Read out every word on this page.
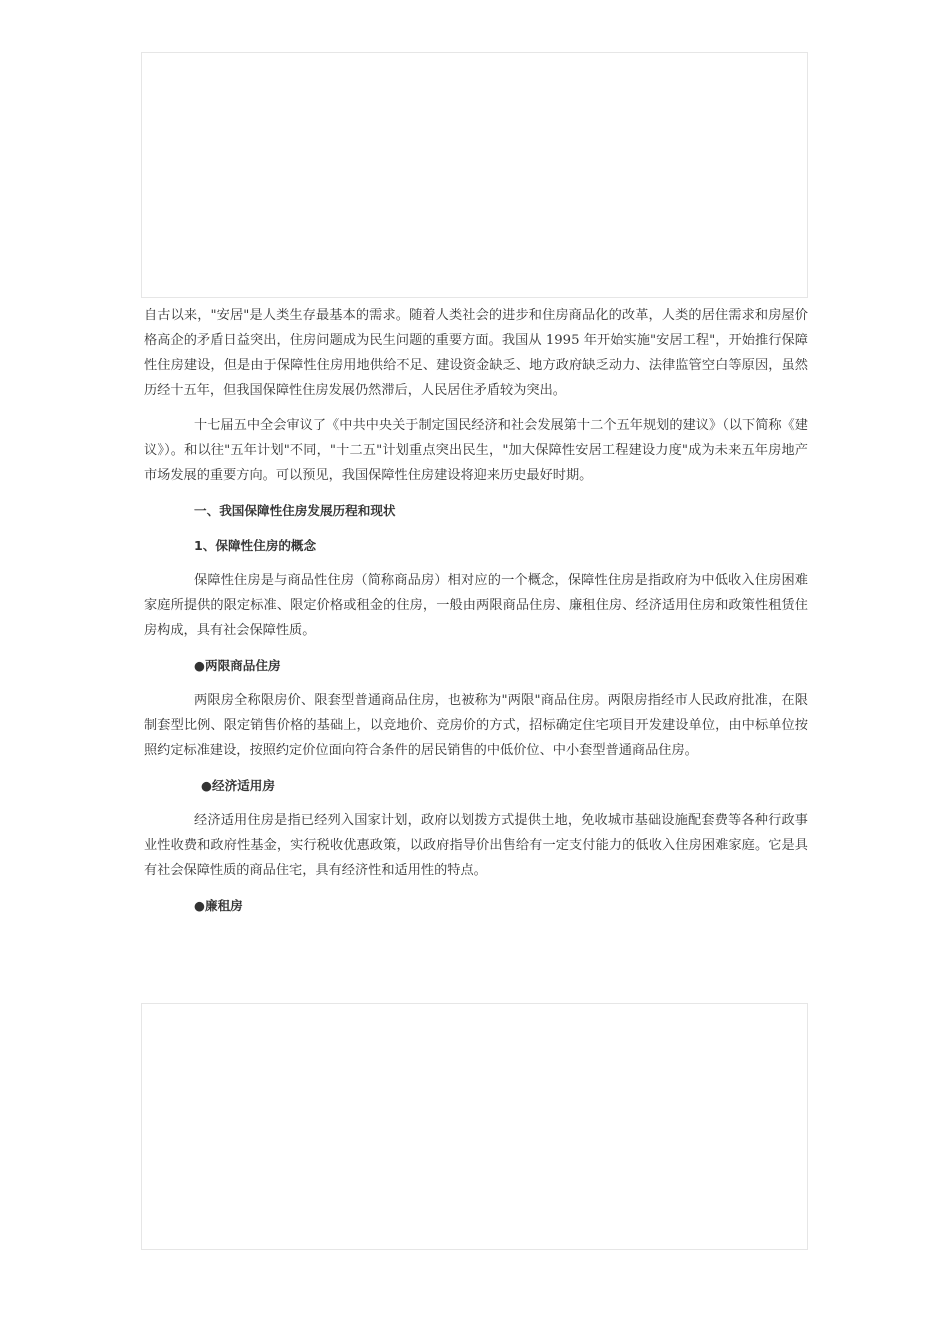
自古以来，"安居"是人类生存最基本的需求。随着人类社会的进步和住房商品化的改革，人类的居住需求和房屋价格高企的矛盾日益突出，住房问题成为民生问题的重要方面。我国从 1995 年开始实施"安居工程"，开始推行保障性住房建设，但是由于保障性住房用地供给不足、建设资金缺乏、地方政府缺乏动力、法律监管空白等原因，虽然历经十五年，但我国保障性住房发展仍然滞后，人民居住矛盾较为突出。

十七届五中全会审议了《中共中央关于制定国民经济和社会发展第十二个五年规划的建议》（以下简称《建议》）。和以往"五年计划"不同，"十二五"计划重点突出民生，"加大保障性安居工程建设力度"成为未来五年房地产市场发展的重要方向。可以预见，我国保障性住房建设将迎来历史最好时期。

一、我国保障性住房发展历程和现状
1、保障性住房的概念

保障性住房是与商品性住房（简称商品房）相对应的一个概念，保障性住房是指政府为中低收入住房困难家庭所提供的限定标准、限定价格或租金的住房，一般由两限商品住房、廉租住房、经济适用住房和政策性租赁住房构成，具有社会保障性质。

●两限商品住房

两限房全称限房价、限套型普通商品住房，也被称为"两限"商品住房。两限房指经市人民政府批准，在限制套型比例、限定销售价格的基础上，以竞地价、竞房价的方式，招标确定住宅项目开发建设单位，由中标单位按照约定标准建设，按照约定价位面向符合条件的居民销售的中低价位、中小套型普通商品住房。

●经济适用房

经济适用住房是指已经列入国家计划，政府以划拨方式提供土地，免收城市基础设施配套费等各种行政事业性收费和政府性基金，实行税收优惠政策，以政府指导价出售给有一定支付能力的低收入住房困难家庭。它是具有社会保障性质的商品住宅，具有经济性和适用性的特点。

●廉租房
